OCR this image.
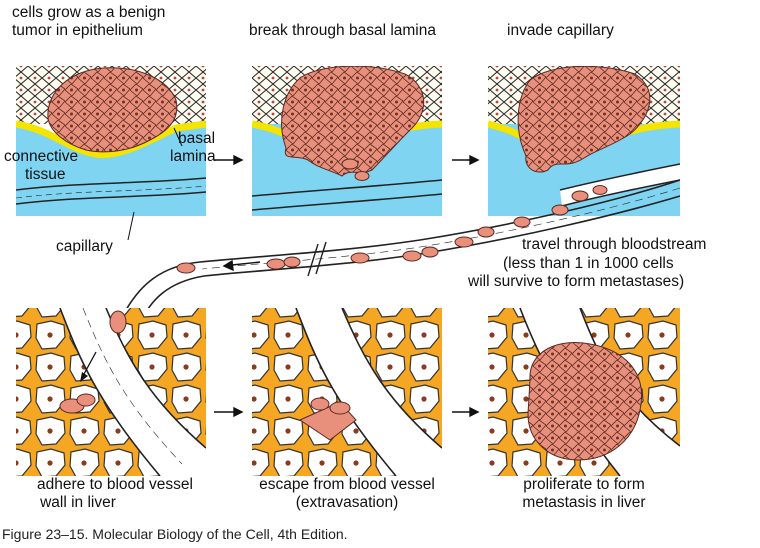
cells grow as a benign
tumor in epithelium	break through basal lamina	invade capillary
basal
lamina
connective
tissue
capillary	travel through bloodstream
(less than 1 in 1000 cells
will survive to form metastases)
adhere to blood vessel
wall in liver
escape from blood vessel
(extravasation)
proliferate to form
metastasis in liver
Figure 23–15. Molecular Biology of the Cell, 4th Edition.
